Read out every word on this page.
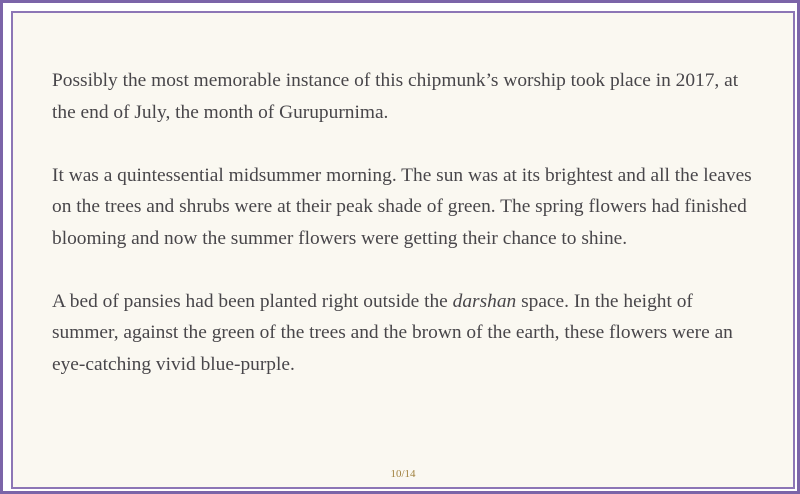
Possibly the most memorable instance of this chipmunk’s worship took place in 2017, at the end of July, the month of Gurupurnima.

It was a quintessential midsummer morning. The sun was at its brightest and all the leaves on the trees and shrubs were at their peak shade of green. The spring flowers had finished blooming and now the summer flowers were getting their chance to shine.

A bed of pansies had been planted right outside the darshan space. In the height of summer, against the green of the trees and the brown of the earth, these flowers were an eye-catching vivid blue-purple.

10/14
